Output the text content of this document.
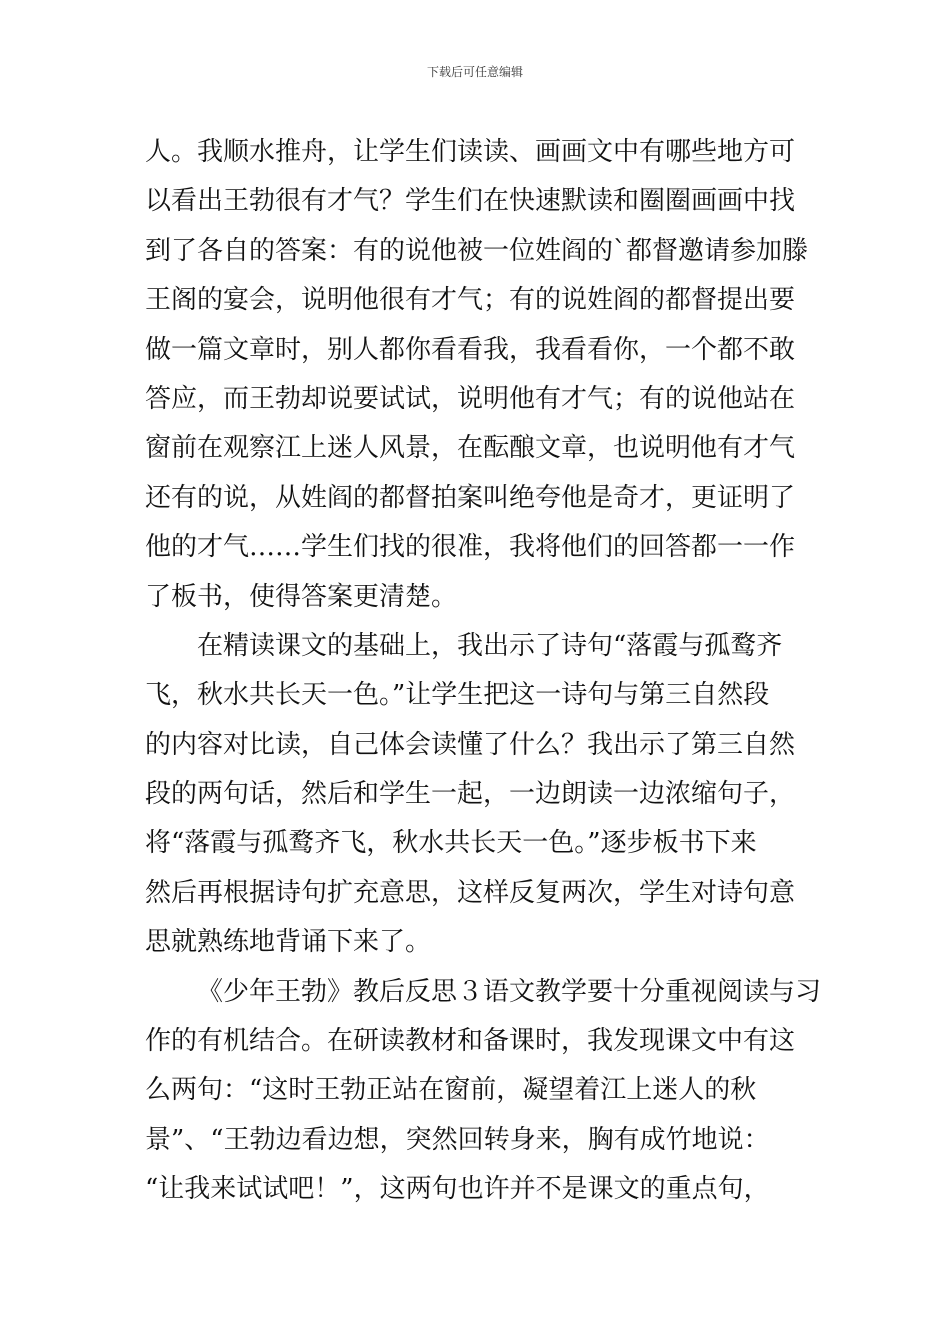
下载后可任意编辑
人。我顺水推舟，让学生们读读、画画文中有哪些地方可
以看出王勃很有才气？学生们在快速默读和圈圈画画中找
到了各自的答案：有的说他被一位姓阎的`都督邀请参加滕
王阁的宴会，说明他很有才气；有的说姓阎的都督提出要
做一篇文章时，别人都你看看我，我看看你，一个都不敢
答应，而王勃却说要试试，说明他有才气；有的说他站在
窗前在观察江上迷人风景，在酝酿文章，也说明他有才气
还有的说，从姓阎的都督拍案叫绝夸他是奇才，更证明了
他的才气……学生们找的很准，我将他们的回答都一一作
了板书，使得答案更清楚。
在精读课文的基础上，我出示了诗句“落霞与孤鹜齐
飞，秋水共长天一色。”让学生把这一诗句与第三自然段
的内容对比读，自己体会读懂了什么？我出示了第三自然
段的两句话，然后和学生一起，一边朗读一边浓缩句子，
将“落霞与孤鹜齐飞，秋水共长天一色。”逐步板书下来
然后再根据诗句扩充意思，这样反复两次，学生对诗句意
思就熟练地背诵下来了。
《少年王勃》教后反思３语文教学要十分重视阅读与习
作的有机结合。在研读教材和备课时，我发现课文中有这
么两句：“这时王勃正站在窗前，凝望着江上迷人的秋
景”、“王勃边看边想，突然回转身来，胸有成竹地说：
“让我来试试吧！”，这两句也许并不是课文的重点句，
